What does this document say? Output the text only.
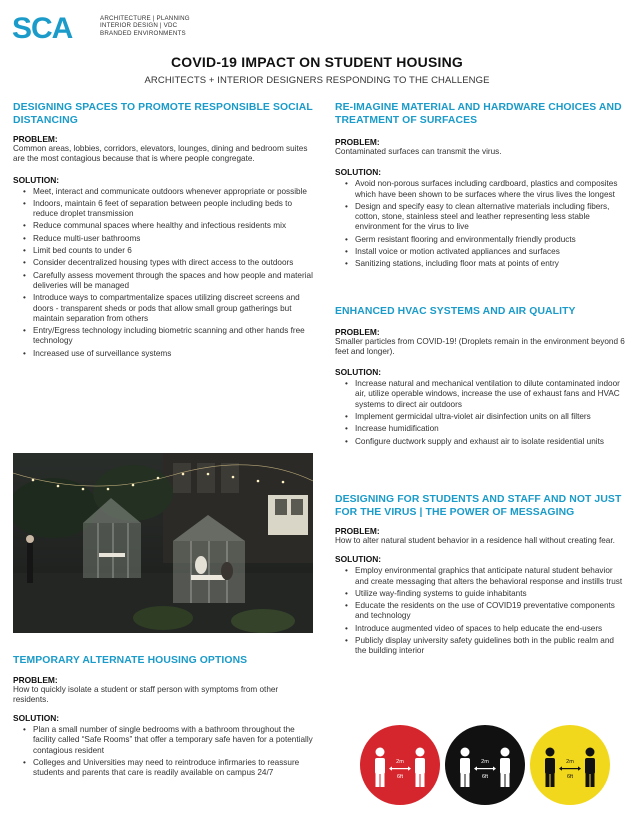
SCA	ARCHITECTURE | PLANNING
INTERIOR DESIGN | VDC
BRANDED ENVIRONMENTS
COVID-19 IMPACT ON STUDENT HOUSING
ARCHITECTS + INTERIOR DESIGNERS RESPONDING TO THE CHALLENGE
DESIGNING SPACES TO PROMOTE RESPONSIBLE SOCIAL DISTANCING
PROBLEM:
Common areas, lobbies, corridors, elevators, lounges, dining and bedroom suites are the most contagious because that is where people congregate.
SOLUTION:
• Meet, interact and communicate outdoors whenever appropriate or possible
• Indoors, maintain 6 feet of separation between people including beds to reduce droplet transmission
• Reduce communal spaces where healthy and infectious residents mix
• Reduce multi-user bathrooms
• Limit bed counts to under 6
• Consider decentralized housing types with direct access to the outdoors
• Carefully assess movement through the spaces and how people and material deliveries will be managed
• Introduce ways to compartmentalize spaces utilizing discreet screens and doors - transparent sheds or pods that allow small group gatherings but maintain separation from others
• Entry/Egress technology including biometric scanning and other hands free technology
• Increased use of surveillance systems
TEMPORARY ALTERNATE HOUSING OPTIONS
PROBLEM:
How to quickly isolate a student or staff person with symptoms from other residents.
SOLUTION:
• Plan a small number of single bedrooms with a bathroom throughout the facility called “Safe Rooms” that offer a temporary safe haven for a potentially contagious resident
• Colleges and Universities may need to reintroduce infirmaries to reassure students and parents that care is readily available on campus 24/7
RE-IMAGINE MATERIAL AND HARDWARE CHOICES AND TREATMENT OF SURFACES
PROBLEM:
Contaminated surfaces can transmit the virus.
SOLUTION:
• Avoid non-porous surfaces including cardboard, plastics and composites which have been shown to be surfaces where the virus lives the longest
• Design and specify easy to clean alternative materials including fibers, cotton, stone, stainless steel and leather representing less stable environment for the virus to live
• Germ resistant flooring and environmentally friendly products
• Install voice or motion activated appliances and surfaces
• Sanitizing stations, including floor mats at points of entry
ENHANCED HVAC SYSTEMS AND AIR QUALITY
PROBLEM:
Smaller particles from COVID-19! (Droplets remain in the environment beyond 6 feet and longer).
SOLUTION:
• Increase natural and mechanical ventilation to dilute contaminated indoor air, utilize operable windows, increase the use of exhaust fans and HVAC systems to direct air outdoors
• Implement germicidal ultra-violet air disinfection units on all filters
• Increase humidification
• Configure ductwork supply and exhaust air to isolate residential units
DESIGNING FOR STUDENTS AND STAFF AND NOT JUST FOR THE VIRUS | THE POWER OF MESSAGING
PROBLEM:
How to alter natural student behavior in a residence hall without creating fear.
SOLUTION:
• Employ environmental graphics that anticipate natural student behavior and create messaging that alters the behavioral response and instills trust
• Utilize way-finding systems to guide inhabitants
• Educate the residents on the use of COVID19 preventative components and technology
• Introduce augmented video of spaces to help educate the end-users
• Publicly display university safety guidelines both in the public realm and the building interior
2m
6ft
2m
6ft
2m
6ft
